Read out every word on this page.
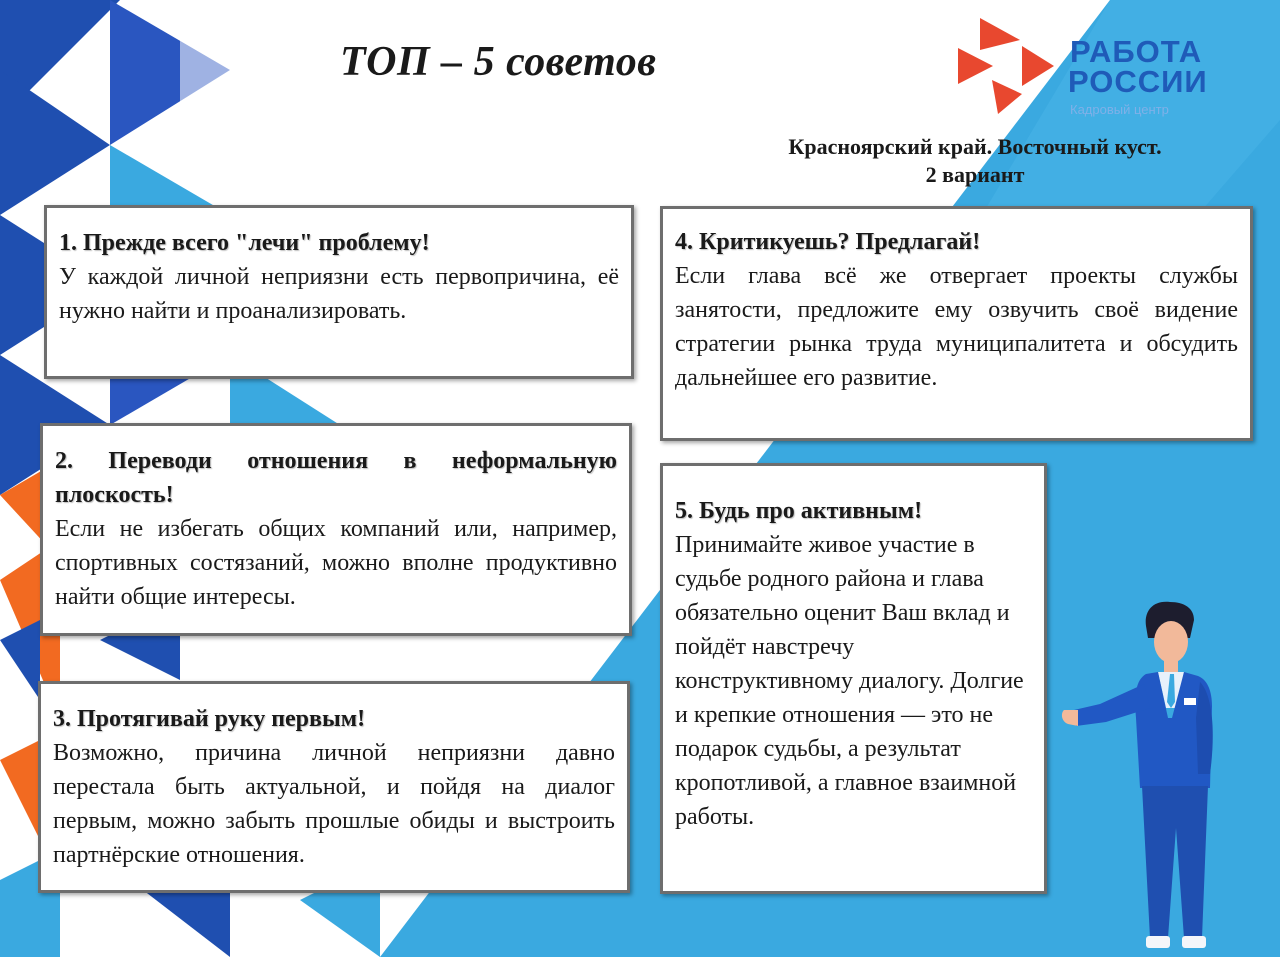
ТОП – 5 советов	РАБОТА
РОССИИ
Кадровый центр
Красноярский край. Восточный куст.
2 вариант
1. Прежде всего "лечи" проблему!

У каждой личной неприязни есть первопричина, её нужно найти и проанализировать.

2. Переводи отношения в неформальную плоскость!

Если не избегать общих компаний или, например, спортивных состязаний, можно вполне продуктивно найти общие интересы.

3. Протягивай руку первым!

Возможно, причина личной неприязни давно перестала быть актуальной, и пойдя на диалог первым, можно забыть прошлые обиды и выстроить партнёрские отношения.

4. Критикуешь? Предлагай!

Если глава всё же отвергает проекты службы занятости, предложите ему озвучить своё видение стратегии рынка труда муниципалитета и обсудить дальнейшее его развитие.

5. Будь про активным!

Принимайте живое участие в судьбе родного района и глава обязательно оценит Ваш вклад и пойдёт навстречу конструктивному диалогу. Долгие и крепкие отношения — это не подарок судьбы, а результат кропотливой, а главное взаимной работы.
